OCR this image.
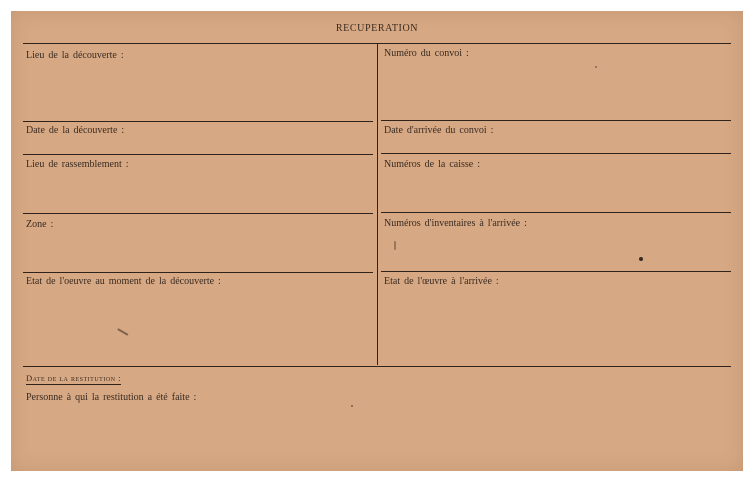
RECUPERATION
Lieu de la découverte :
Date de la découverte :
Lieu de rassemblement :
Zone :
Etat de l'oeuvre au moment de la découverte :
Numéro du convoi :
Date d'arrivée du convoi :
Numéros de la caisse :
Numéros d'inventaires à l'arrivée :
Etat de l'œuvre à l'arrivée :
Date de la restitution :
Personne à qui la restitution a été faite :
